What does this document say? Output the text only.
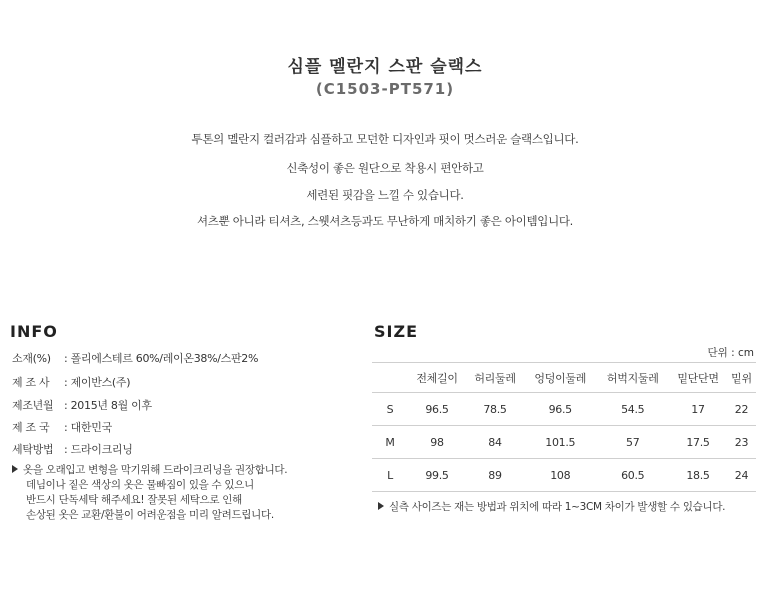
심플 멜란지 스판 슬랙스
(C1503-PT571)
투톤의 멜란지 컬러감과 심플하고 모던한 디자인과 핏이 멋스러운 슬랙스입니다.
신축성이 좋은 원단으로 착용시 편안하고
세련된 핏감을 느낄 수 있습니다.
셔츠뿐 아니라 티셔츠, 스웻셔츠등과도 무난하게 매치하기 좋은 아이템입니다.
INFO
소재(%) : 폴리에스테르 60%/레이온38%/스판2%
제 조 사 : 제이반스(주)
제조년월 : 2015년 8월 이후
제 조 국 : 대한민국
세탁방법 : 드라이크리닝
옷을 오래입고 변형을 막기위해 드라이크리닝을 권장합니다.
데님이나 짙은 색상의 옷은 물빠짐이 있을 수 있으니
반드시 단독세탁 해주세요! 잘못된 세탁으로 인해
손상된 옷은 교환/환불이 어려운점을 미리 알려드립니다.
SIZE
단위 : cm
	전체길이	허리둘레	엉덩이둘레	허벅지둘레	밑단단면	밑위
S	96.5	78.5	96.5	54.5	17	22
M	98	84	101.5	57	17.5	23
L	99.5	89	108	60.5	18.5	24
실측 사이즈는 재는 방법과 위치에 따라 1~3CM 차이가 발생할 수 있습니다.
